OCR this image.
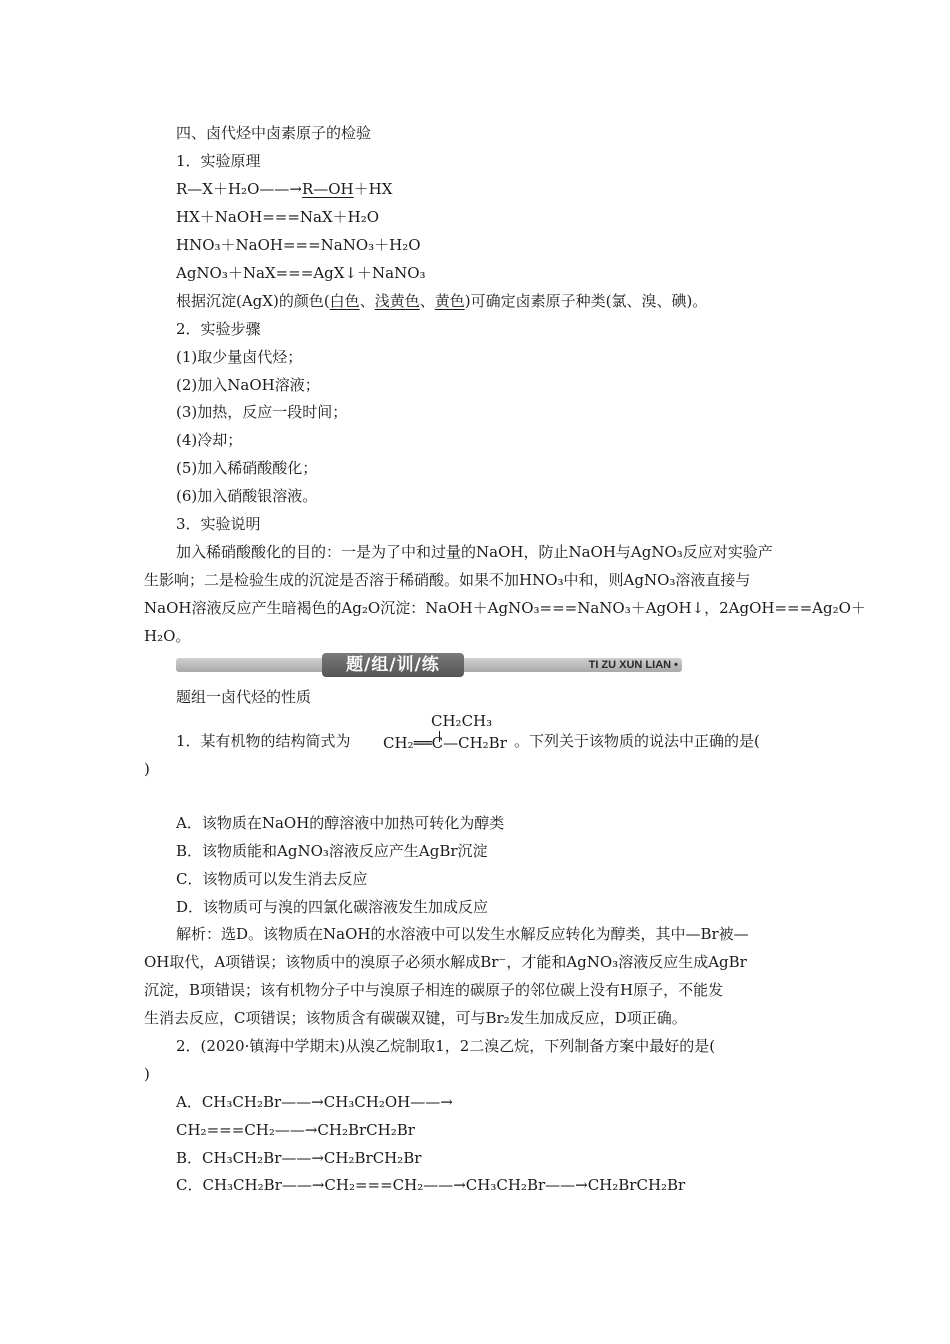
四、卤代烃中卤素原子的检验
1．实验原理
R—X＋H₂O——→R—OH＋HX
HX＋NaOH===NaX＋H₂O
HNO₃＋NaOH===NaNO₃＋H₂O
AgNO₃＋NaX===AgX↓＋NaNO₃
根据沉淀(AgX)的颜色(白色、浅黄色、黄色)可确定卤素原子种类(氯、溴、碘)。
2．实验步骤
(1)取少量卤代烃；
(2)加入NaOH溶液；
(3)加热，反应一段时间；
(4)冷却；
(5)加入稀硝酸酸化；
(6)加入硝酸银溶液。
3．实验说明
加入稀硝酸酸化的目的：一是为了中和过量的NaOH，防止NaOH与AgNO₃反应对实验产
生影响；二是检验生成的沉淀是否溶于稀硝酸。如果不加HNO₃中和，则AgNO₃溶液直接与
NaOH溶液反应产生暗褐色的Ag₂O沉淀：NaOH＋AgNO₃===NaNO₃＋AgOH↓，2AgOH===Ag₂O＋
H₂O。
题/组/训/练	TI ZU XUN LIAN •
题组一卤代烃的性质
1．某有机物的结构简式为
CH₂CH₃
CH₂══C—CH₂Br 。下列关于该物质的说法中正确的是(
)
A．该物质在NaOH的醇溶液中加热可转化为醇类
B．该物质能和AgNO₃溶液反应产生AgBr沉淀
C．该物质可以发生消去反应
D．该物质可与溴的四氯化碳溶液发生加成反应
解析：选D。该物质在NaOH的水溶液中可以发生水解反应转化为醇类，其中—Br被—
OH取代，A项错误；该物质中的溴原子必须水解成Br⁻，才能和AgNO₃溶液反应生成AgBr
沉淀，B项错误；该有机物分子中与溴原子相连的碳原子的邻位碳上没有H原子，不能发
生消去反应，C项错误；该物质含有碳碳双键，可与Br₂发生加成反应，D项正确。
2．(2020·镇海中学期末)从溴乙烷制取1，2二溴乙烷，下列制备方案中最好的是(
)
A．CH₃CH₂Br——→CH₃CH₂OH——→
CH₂===CH₂——→CH₂BrCH₂Br
B．CH₃CH₂Br——→CH₂BrCH₂Br
C．CH₃CH₂Br——→CH₂===CH₂——→CH₃CH₂Br——→CH₂BrCH₂Br
